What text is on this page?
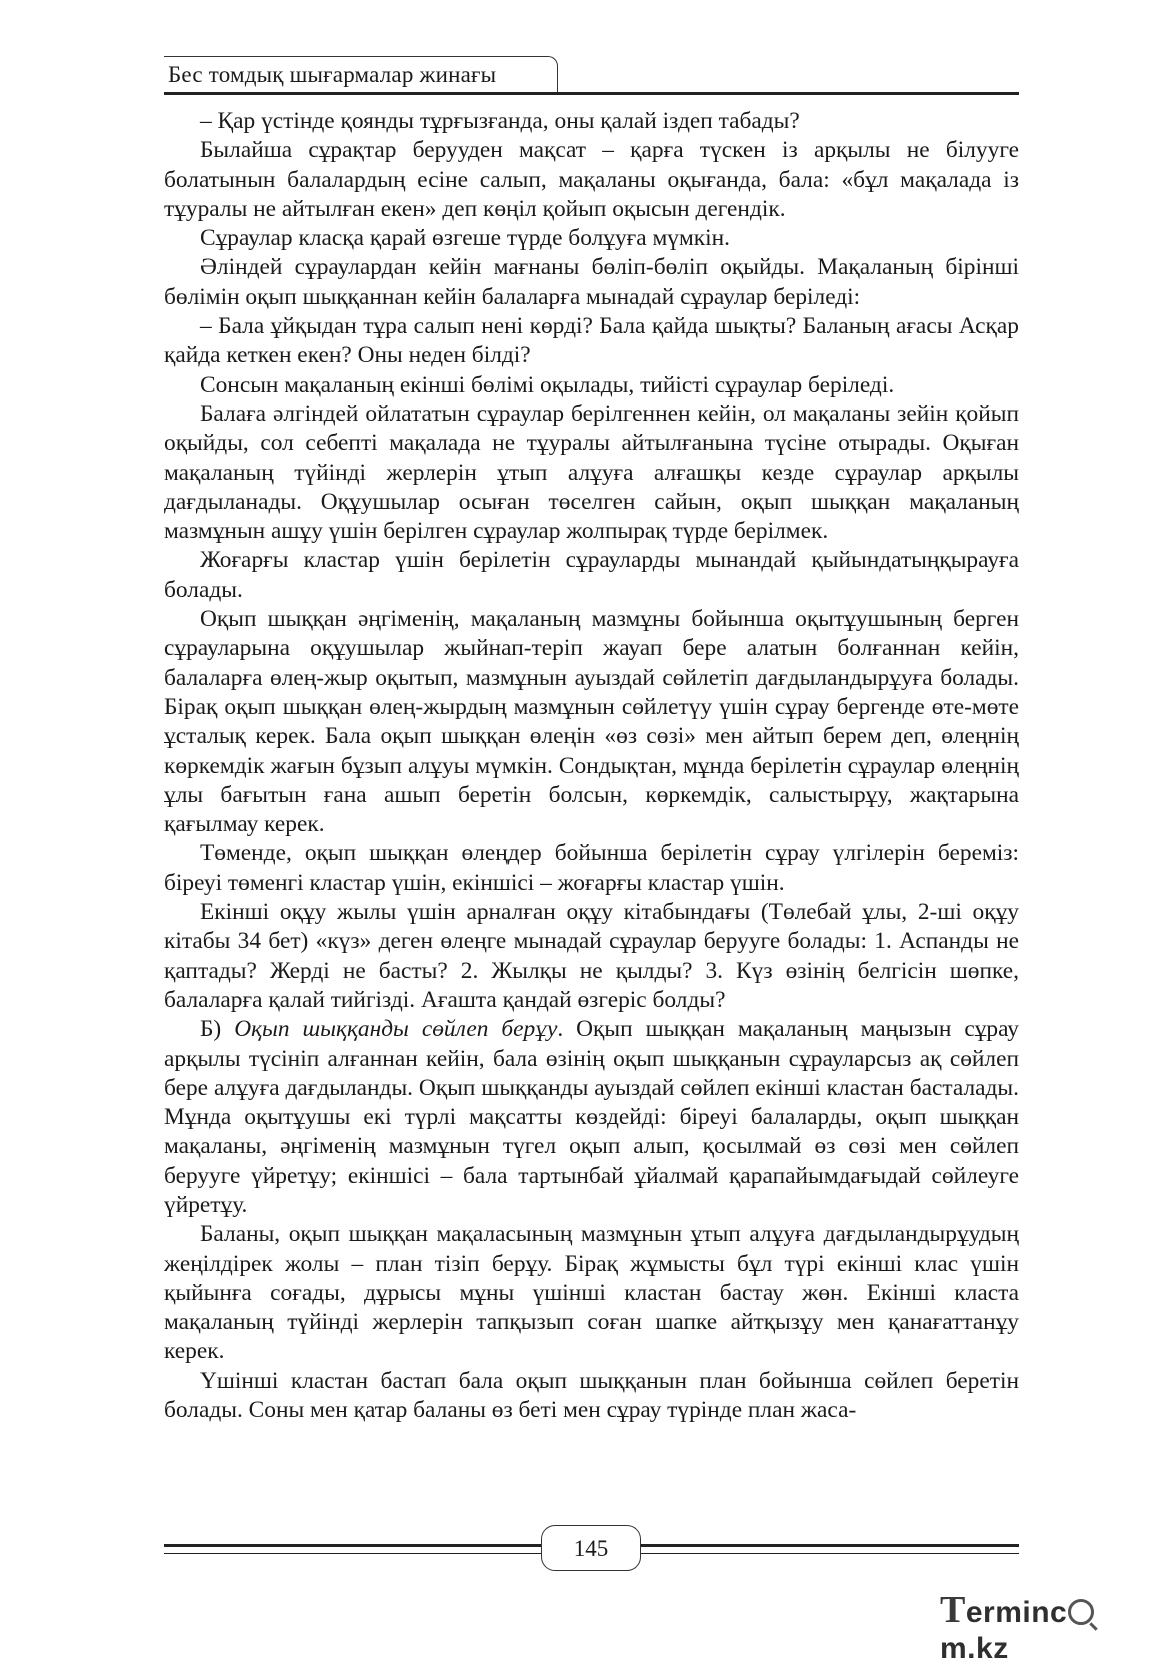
Бес томдық шығармалар жинағы

– Қар үстінде қоянды тұрғызғанда, оны қалай іздеп табады?

Былайша сұрақтар берууден мақсат – қарға түскен із арқылы не білууге болатынын балалардың есіне салып, мақаланы оқығанда, бала: «бұл мақалада із тұуралы не айтылған екен» деп көңіл қойып оқысын дегендік.

Сұраулар класқа қарай өзгеше түрде болұуға мүмкін.

Әліндей сұраулардан кейін мағнаны бөліп-бөліп оқыйды. Мақаланың бірінші бөлімін оқып шыққаннан кейін балаларға мынадай сұраулар беріледі:

– Бала ұйқыдан тұра салып нені көрді? Бала қайда шықты? Баланың ағасы Асқар қайда кеткен екен? Оны неден білді?

Сонсын мақаланың екінші бөлімі оқылады, тийісті сұраулар беріледі.

Балаға әлгіндей ойлататын сұраулар берілгеннен кейін, ол мақаланы зейін қойып оқыйды, сол себепті мақалада не тұуралы айтылғанына түсіне отырады. Оқыған мақаланың түйінді жерлерін ұтып алұуға алғашқы кезде сұраулар арқылы дағдыланады. Оқұушылар осыған төселген сайын, оқып шыққан мақаланың мазмұнын ашұу үшін берілген сұраулар жолпырақ түрде берілмек.

Жоғарғы кластар үшін берілетін сұрауларды мынандай қыйындатыңқырауға болады.

Оқып шыққан әңгіменің, мақаланың мазмұны бойынша оқытұушының берген сұрауларына оқұушылар жыйнап-теріп жауап бере алатын болғаннан кейін, балаларға өлең-жыр оқытып, мазмұнын ауыздай сөйлетіп дағдыландырұуға болады. Бірақ оқып шыққан өлең-жырдың мазмұнын сөйлетүу үшін сұрау бергенде өте-мөте ұсталық керек. Бала оқып шыққан өлеңін «өз сөзі» мен айтып берем деп, өлеңнің көркемдік жағын бұзып алұуы мүмкін. Сондықтан, мұнда берілетін сұраулар өлеңнің ұлы бағытын ғана ашып беретін болсын, көркемдік, салыстырұу, жақтарына қағылмау керек.

Төменде, оқып шыққан өлеңдер бойынша берілетін сұрау үлгілерін беремiз: біреуі төменгі кластар үшін, екіншісі – жоғарғы кластар үшін.

Екінші оқұу жылы үшін арналған оқұу кітабындағы (Төлебай ұлы, 2-ші оқұу кітабы 34 бет) «күз» деген өлеңге мынадай сұраулар берууге болады: 1. Аспанды не қаптады? Жерді не басты? 2. Жылқы не қылды? 3. Күз өзінің белгісін шөпке, балаларға қалай тийгізді. Ағашта қандай өзгеріс болды?

Б) Оқып шыққанды сөйлеп берұу. Оқып шыққан мақаланың маңызын сұрау арқылы түсініп алғаннан кейін, бала өзінің оқып шыққанын сұрауларсыз ақ сөйлеп бере алұуға дағдыланды. Оқып шыққанды ауыздай сөйлеп екінші кластан басталады. Мұнда оқытұушы екі түрлі мақсатты көздейді: біреуі балаларды, оқып шыққан мақаланы, әңгіменің мазмұнын түгел оқып алып, қосылмай өз сөзі мен сөйлеп берууге үйретұу; екіншісі – бала тартынбай ұйалмай қарапайымдағыдай сөйлеуге үйретұу.

Баланы, оқып шыққан мақаласының мазмұнын ұтып алұуға дағдыландырұудың жеңілдірек жолы – план тізіп берұу. Бірақ жұмысты бұл түрі екінші клас үшін қыйынға соғады, дұрысы мұны үшінші кластан бастау жөн. Екінші класта мақаланың түйінді жерлерін тапқызып соған шапке айтқызұу мен қанағаттанұу керек.

Үшінші кластан бастап бала оқып шыққанын план бойынша сөйлеп беретін болады. Соны мен қатар баланы өз беті мен сұрау түрінде план жаса-

145
Termincm.kz
